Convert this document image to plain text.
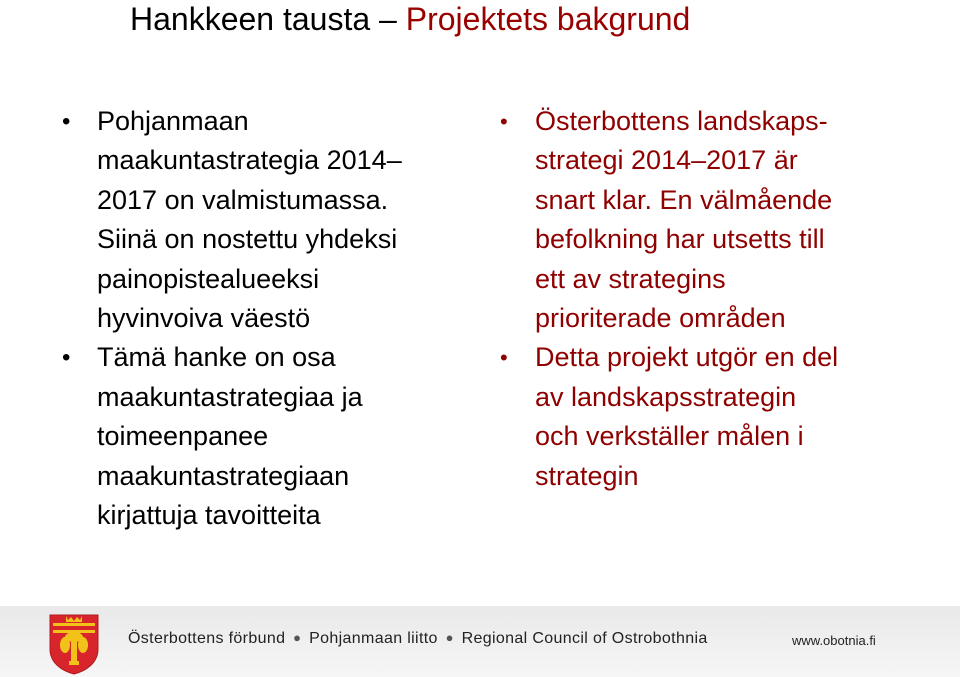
Hankkeen tausta – Projektets bakgrund
• Pohjanmaan
maakuntastrategia 2014–
2017 on valmistumassa.
Siinä on nostettu yhdeksi
painopistealueeksi
hyvinvoiva väestö
• Tämä hanke on osa
maakuntastrategiaa ja
toimeenpanee
maakuntastrategiaan
kirjattuja tavoitteita
• Österbottens landskaps-
strategi 2014–2017 är
snart klar. En välmående
befolkning har utsetts till
ett av strategins
prioriterade områden
• Detta projekt utgör en del
av landskapsstrategin
och verkställer målen i
strategin
Österbottens förbund ● Pohjanmaan liitto ● Regional Council of Ostrobothnia	www.obotnia.fi
